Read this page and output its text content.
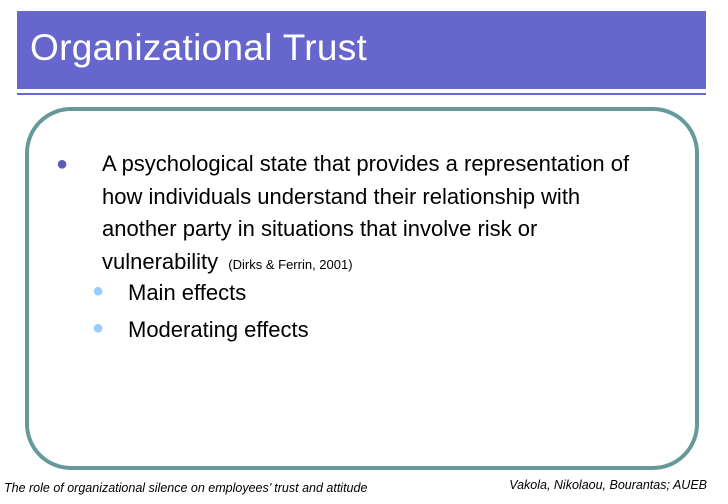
Organizational Trust
● A psychological state that provides a representation of how individuals understand their relationship with another party in situations that involve risk or vulnerability (Dirks & Ferrin, 2001)
● Main effects
● Moderating effects
The role of organizational silence on employees’ trust and attitude	Vakola, Nikolaou, Bourantas; AUEB
